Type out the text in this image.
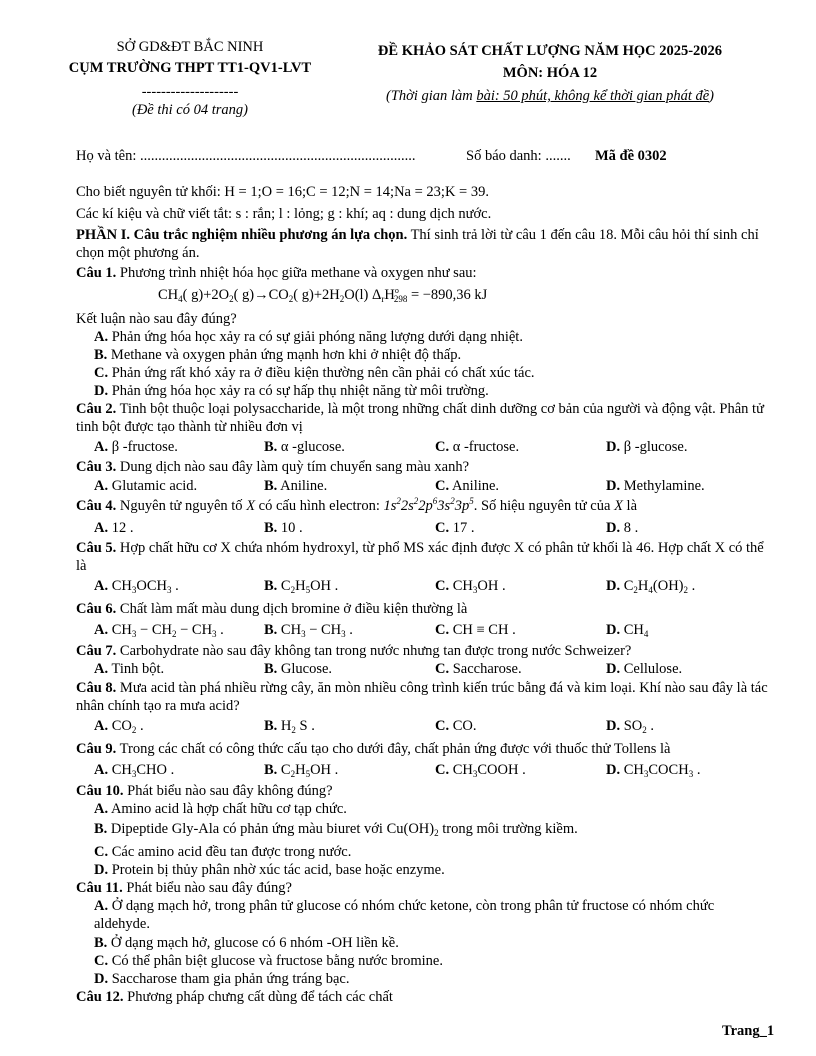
SỞ GD&ĐT BẮC NINH
CỤM TRƯỜNG THPT TT1-QV1-LVT
--------------------
(Đề thi có 04 trang)
ĐỀ KHẢO SÁT CHẤT LƯỢNG NĂM HỌC 2025-2026
MÔN: HÓA 12
(Thời gian làm bài: 50 phút, không kể thời gian phát đề)
Họ và tên: ............................................................................	Số báo danh: ....... Mã đề 0302
Cho biết nguyên tử khối: H = 1;O = 16;C = 12;N = 14;Na = 23;K = 39.
Các kí kiệu và chữ viết tắt: s : rắn; l : lỏng; g : khí; aq : dung dịch nước.
PHẦN I. Câu trắc nghiệm nhiều phương án lựa chọn. Thí sinh trả lời từ câu 1 đến câu 18. Mỗi câu hỏi thí sinh chỉ chọn một phương án.
Câu 1. Phương trình nhiệt hóa học giữa methane và oxygen như sau:
$CH_4$( $g)+2O_2$( $g)\to CO_2$( $g)+2H_2O(l)$ $\Delta_rH^o_{298} = -890,36$ kJ
Kết luận nào sau đây đúng?
A. Phản ứng hóa học xảy ra có sự giải phóng năng lượng dưới dạng nhiệt.
B. Methane và oxygen phản ứng mạnh hơn khi ở nhiệt độ thấp.
C. Phản ứng rất khó xảy ra ở điều kiện thường nên cần phải có chất xúc tác.
D. Phản ứng hóa học xảy ra có sự hấp thụ nhiệt năng từ môi trường.
Câu 2. Tinh bột thuộc loại polysaccharide, là một trong những chất dinh dưỡng cơ bản của người và động vật. Phân tử tinh bột được tạo thành từ nhiều đơn vị
A. β -fructose.	B. α -glucose.	C. α -fructose.	D. β -glucose.
Câu 3. Dung dịch nào sau đây làm quỳ tím chuyển sang màu xanh?
A. Glutamic acid.	B. Aniline.	C. Aniline.	D. Methylamine.
Câu 4. Nguyên tử nguyên tố X có cấu hình electron: $1s^22s^22p^63s^23p^5$. Số hiệu nguyên tử của X là
A. 12 .	B. 10 .	C. 17 .	D. 8 .
Câu 5. Hợp chất hữu cơ X chứa nhóm hydroxyl, từ phổ MS xác định được X có phân tử khối là 46. Hợp chất X có thể là
A. $CH_3OCH_3$ .	B. $C_2H_5OH$ .	C. $CH_3OH$ .	D. $C_2H_4(OH)_2$ .
Câu 6. Chất làm mất màu dung dịch bromine ở điều kiện thường là
A. $CH_3 - CH_2 - CH_3$ .	B. $CH_3 - CH_3$ .	C. CH ≡ CH .	D. $CH_4$
Câu 7. Carbohydrate nào sau đây không tan trong nước nhưng tan được trong nước Schweizer?
A. Tinh bột.	B. Glucose.	C. Saccharose.	D. Cellulose.
Câu 8. Mưa acid tàn phá nhiều rừng cây, ăn mòn nhiều công trình kiến trúc bằng đá và kim loại. Khí nào sau đây là tác nhân chính tạo ra mưa acid?
A. $CO_2$ .	B. $H_2$ S .	C. CO.	D. $SO_2$ .
Câu 9. Trong các chất có công thức cấu tạo cho dưới đây, chất phản ứng được với thuốc thử Tollens là
A. $CH_3CHO$ .	B. $C_2H_5OH$ .	C. $CH_3COOH$ .	D. $CH_3COCH_3$ .
Câu 10. Phát biểu nào sau đây không đúng?
A. Amino acid là hợp chất hữu cơ tạp chức.
B. Dipeptide Gly-Ala có phản ứng màu biuret với $Cu(OH)_2$ trong môi trường kiềm.
C. Các amino acid đều tan được trong nước.
D. Protein bị thủy phân nhờ xúc tác acid, base hoặc enzyme.
Câu 11. Phát biểu nào sau đây đúng?
A. Ở dạng mạch hở, trong phân tử glucose có nhóm chức ketone, còn trong phân tử fructose có nhóm chức aldehyde.
B. Ở dạng mạch hở, glucose có 6 nhóm -OH liền kề.
C. Có thể phân biệt glucose và fructose bằng nước bromine.
D. Saccharose tham gia phản ứng tráng bạc.
Câu 12. Phương pháp chưng cất dùng để tách các chất
Trang_1
